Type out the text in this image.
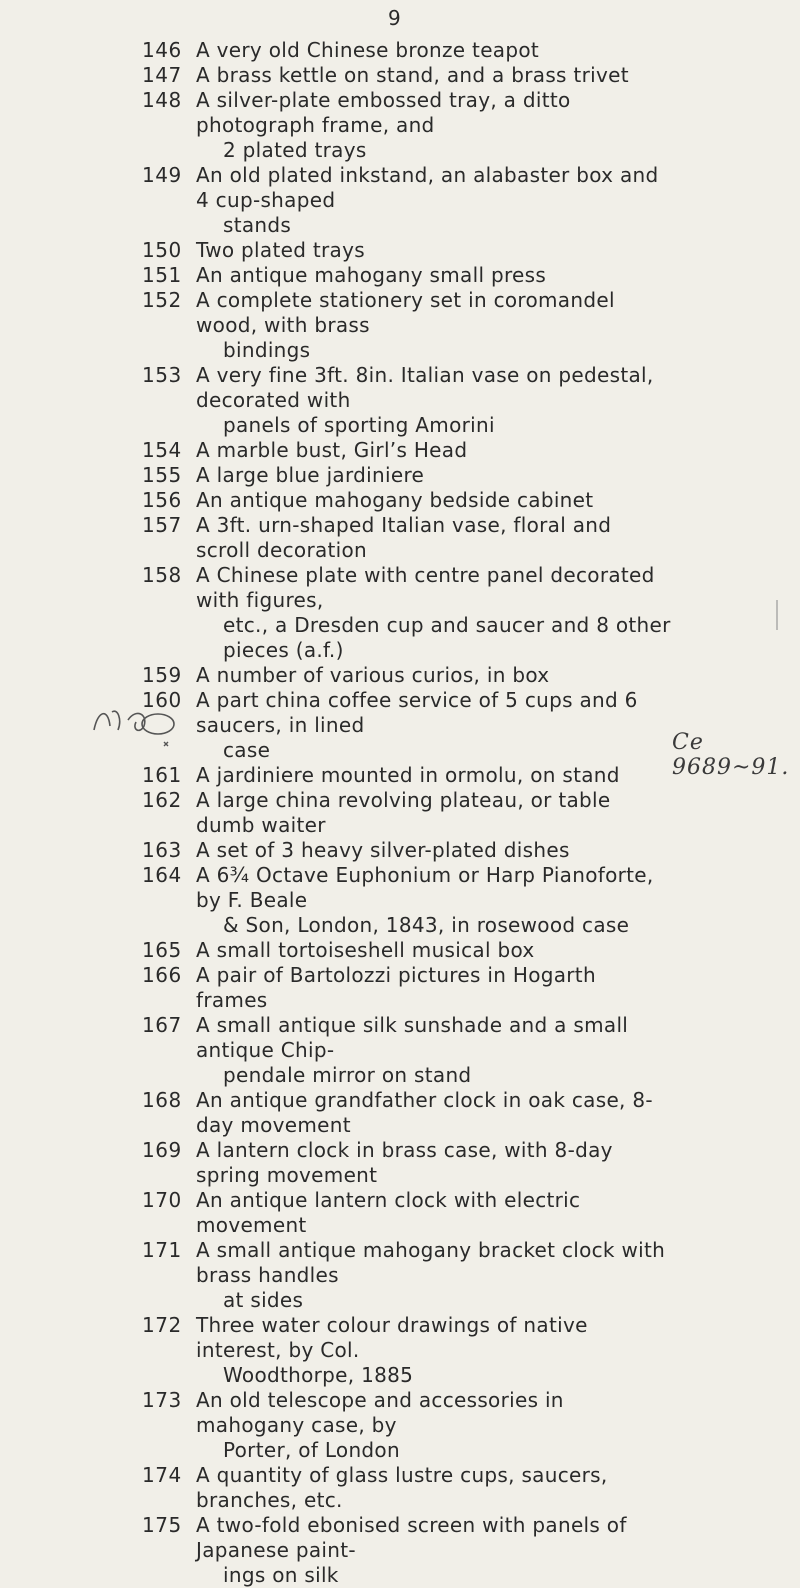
9
146 A very old Chinese bronze teapot
147 A brass kettle on stand, and a brass trivet
148 A silver-plate embossed tray, a ditto photograph frame, and
2 plated trays
149 An old plated inkstand, an alabaster box and 4 cup-shaped
stands
150 Two plated trays
151 An antique mahogany small press
152 A complete stationery set in coromandel wood, with brass
bindings
153 A very fine 3ft. 8in. Italian vase on pedestal, decorated with
panels of sporting Amorini
154 A marble bust, Girl’s Head
155 A large blue jardiniere
156 An antique mahogany bedside cabinet
157 A 3ft. urn-shaped Italian vase, floral and scroll decoration
158 A Chinese plate with centre panel decorated with figures,
etc., a Dresden cup and saucer and 8 other pieces (a.f.)
159 A number of various curios, in box
160 A part china coffee service of 5 cups and 6 saucers, in lined
case
161 A jardiniere mounted in ormolu, on stand
162 A large china revolving plateau, or table dumb waiter
163 A set of 3 heavy silver-plated dishes
164 A 6¾ Octave Euphonium or Harp Pianoforte, by F. Beale
& Son, London, 1843, in rosewood case
165 A small tortoiseshell musical box
166 A pair of Bartolozzi pictures in Hogarth frames
167 A small antique silk sunshade and a small antique Chip-
pendale mirror on stand
168 An antique grandfather clock in oak case, 8-day movement
169 A lantern clock in brass case, with 8-day spring movement
170 An antique lantern clock with electric movement
171 A small antique mahogany bracket clock with brass handles
at sides
172 Three water colour drawings of native interest, by Col.
Woodthorpe, 1885
173 An old telescope and accessories in mahogany case, by
Porter, of London
174 A quantity of glass lustre cups, saucers, branches, etc.
175 A two-fold ebonised screen with panels of Japanese paint-
ings on silk
Ce 9689~91.
